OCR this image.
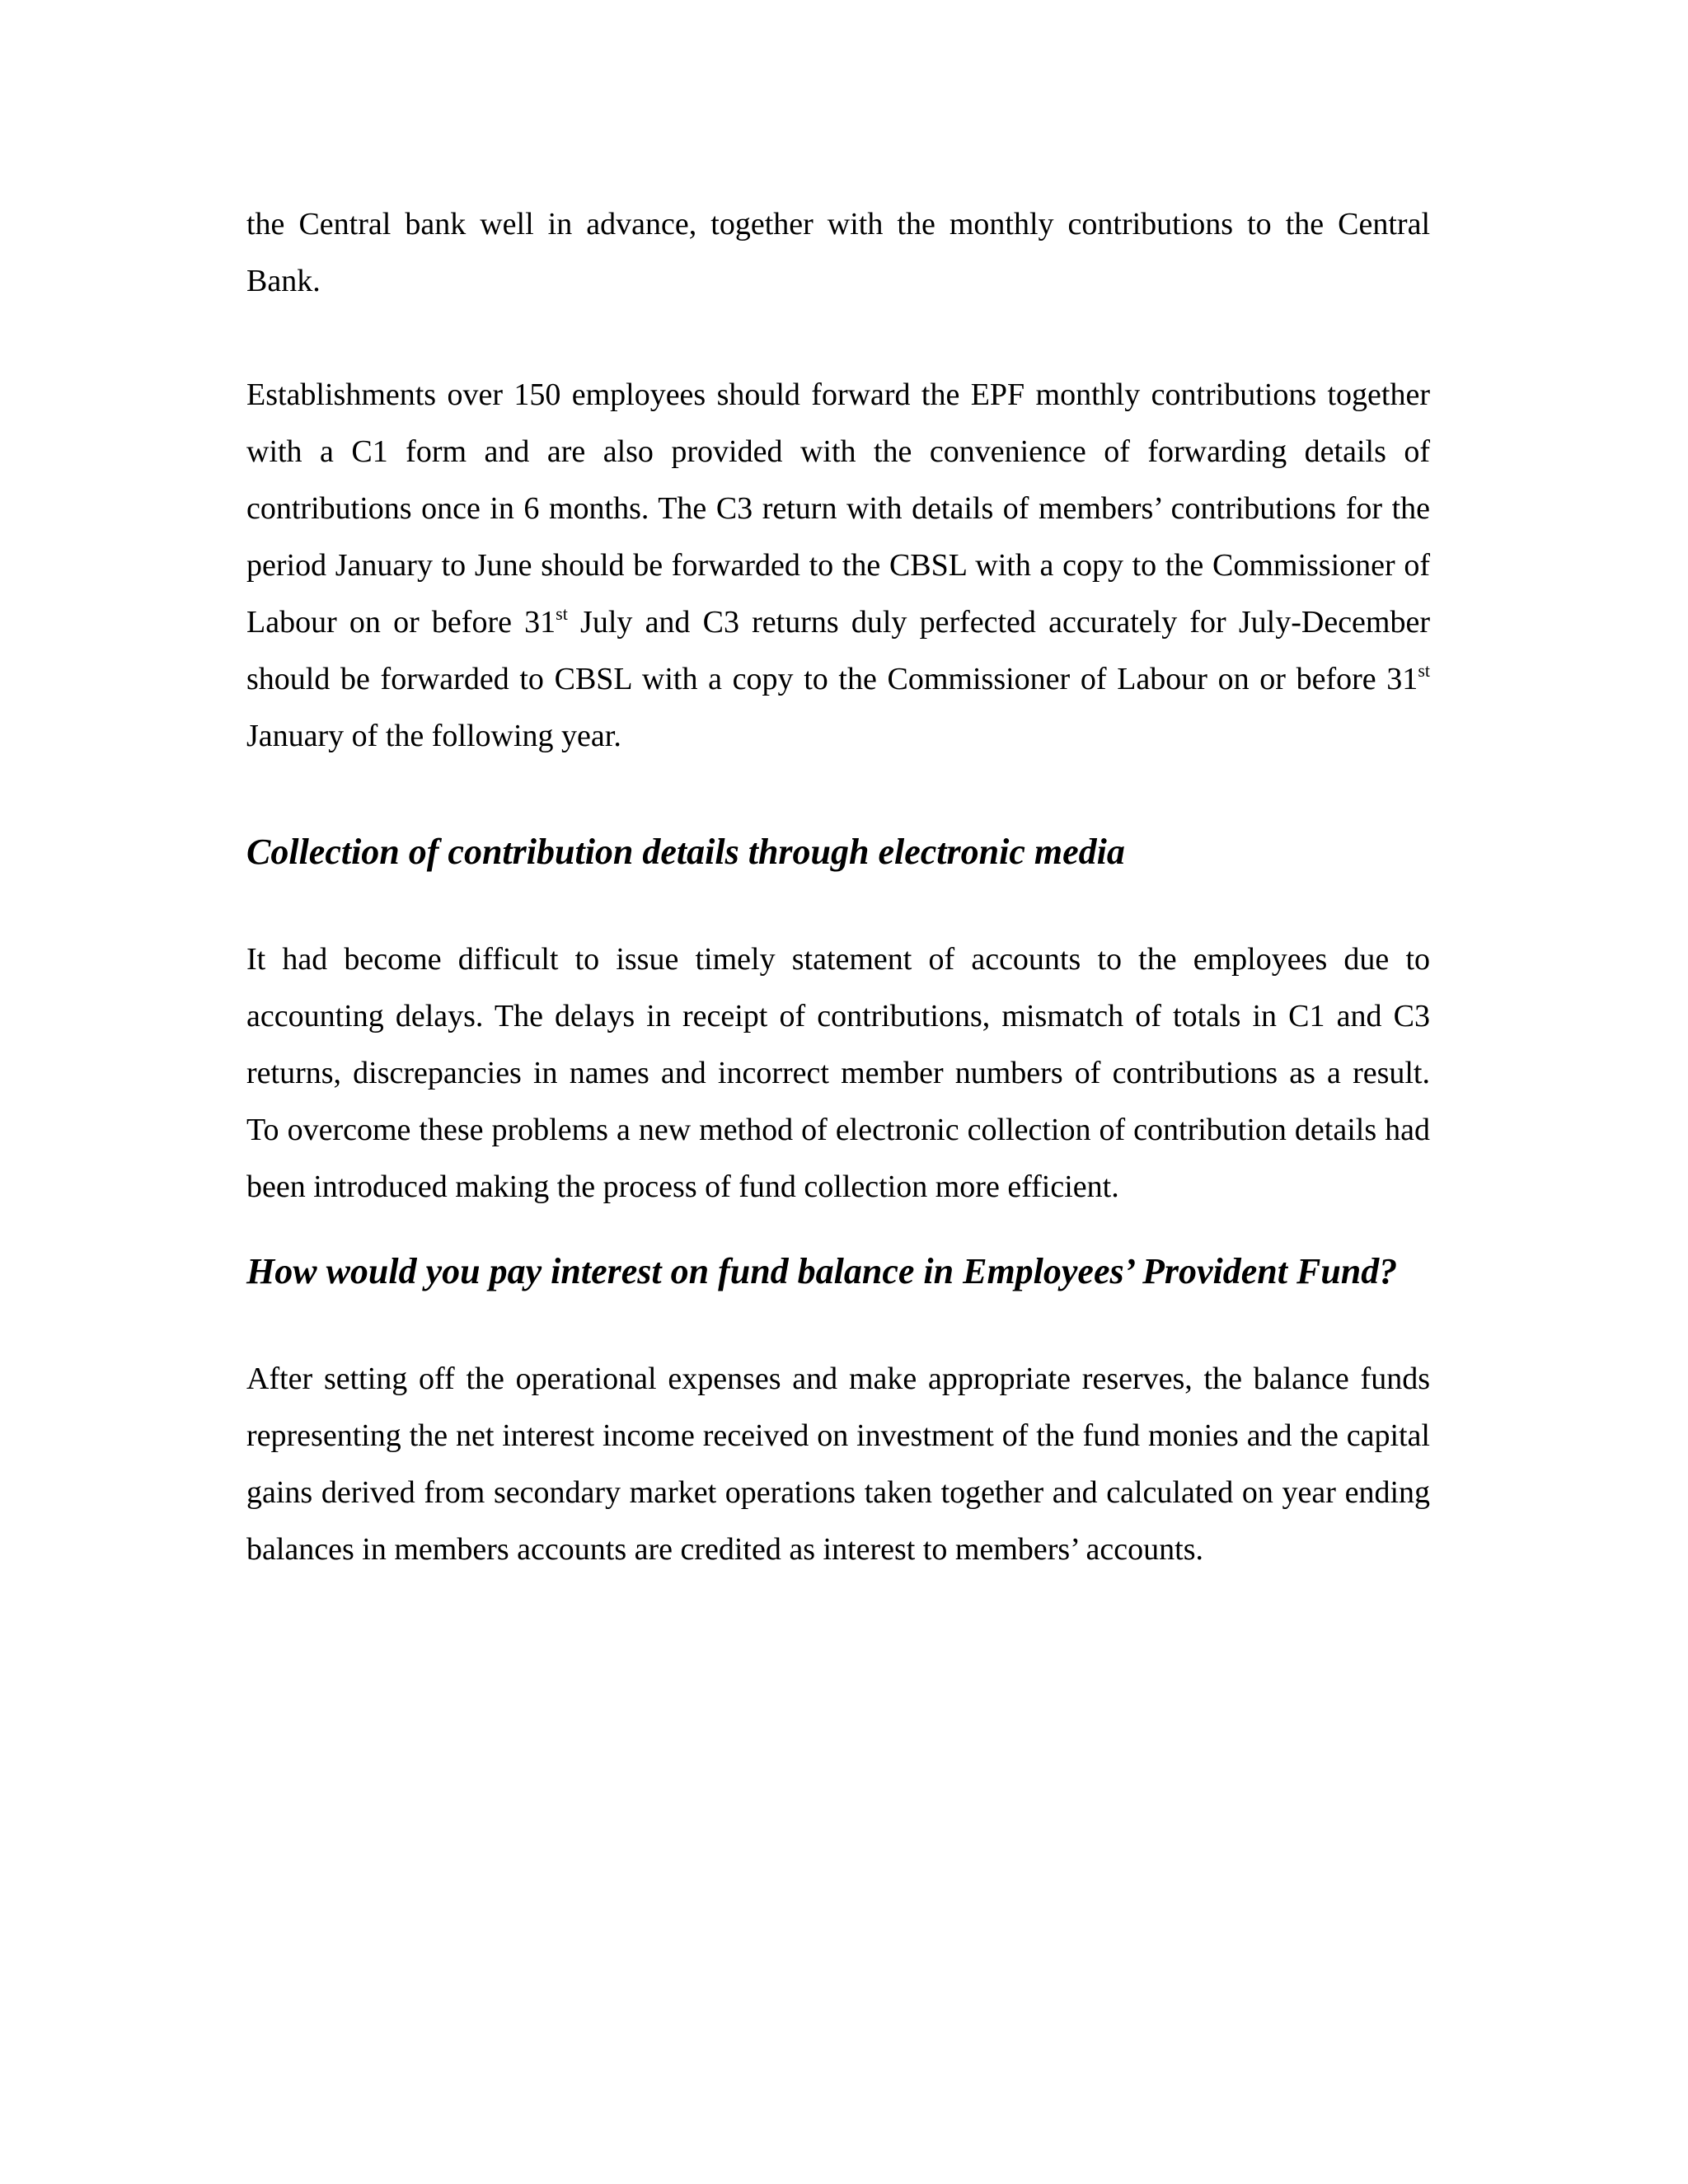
the Central bank well in advance, together with the monthly contributions to the Central Bank.

Establishments over 150 employees should forward the EPF monthly contributions together with a C1 form and are also provided with the convenience of forwarding details of contributions once in 6 months. The C3 return with details of members’ contributions for the period January to June should be forwarded to the CBSL with a copy to the Commissioner of Labour on or before 31st July and C3 returns duly perfected accurately for July-December should be forwarded to CBSL with a copy to the Commissioner of Labour on or before 31st January of the following year.

Collection of contribution details through electronic media

It had become difficult to issue timely statement of accounts to the employees due to accounting delays. The delays in receipt of contributions, mismatch of totals in C1 and C3 returns, discrepancies in names and incorrect member numbers of contributions as a result.     To overcome these problems a new method of electronic collection of contribution details had been introduced making the process of fund collection more efficient.

How would you pay interest on fund balance in Employees’ Provident Fund?

After setting off the operational expenses and make appropriate reserves, the balance funds representing the net interest income received on investment of the fund monies and the capital gains derived from secondary market operations taken together and calculated on year ending balances in members accounts are credited as interest to members’ accounts.
